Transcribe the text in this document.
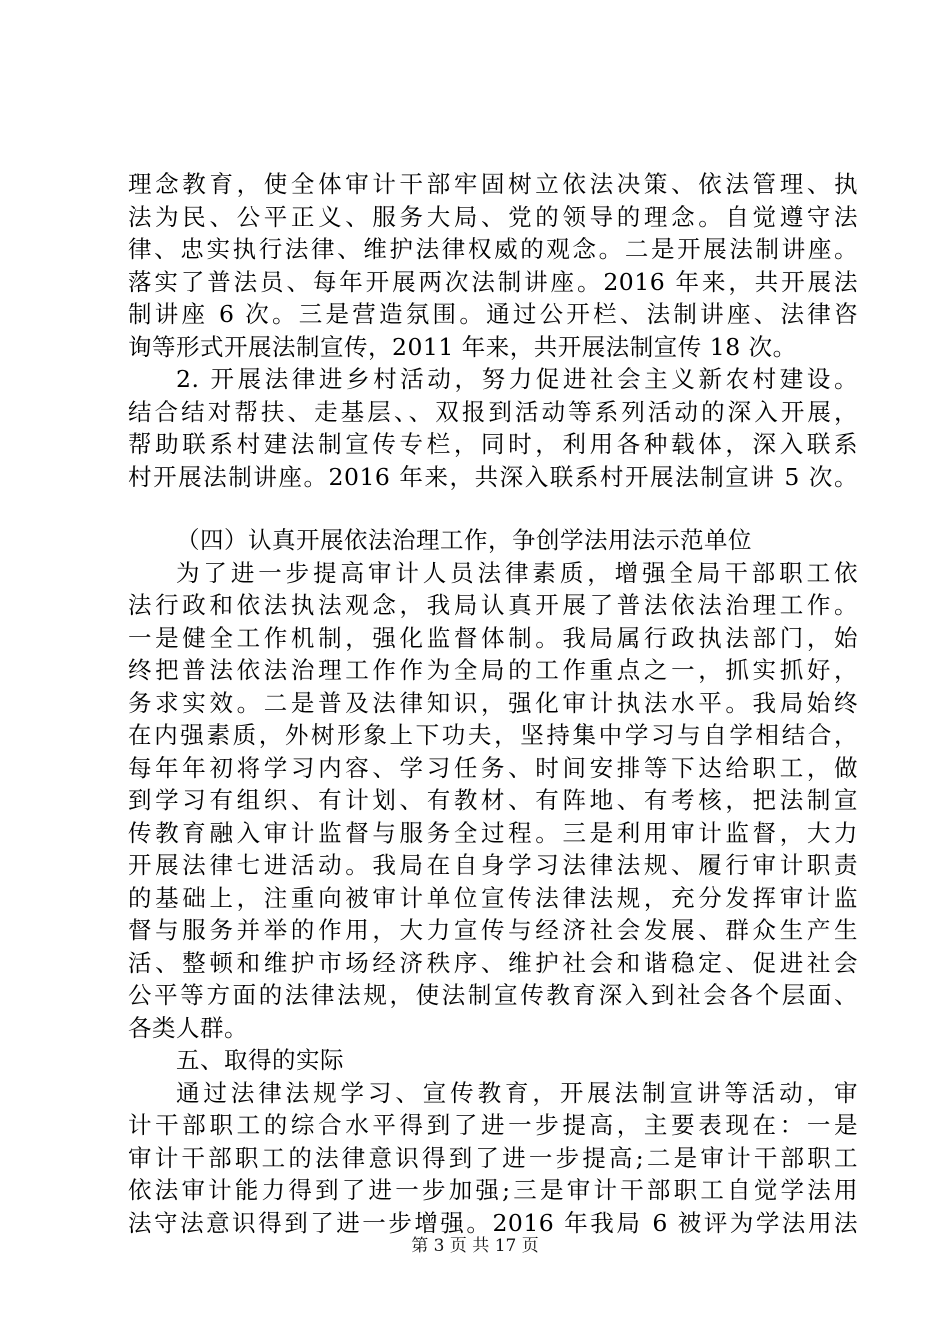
理念教育，使全体审计干部牢固树立依法决策、依法管理、执
法为民、公平正义、服务大局、党的领导的理念。自觉遵守法
律、忠实执行法律、维护法律权威的观念。二是开展法制讲座。
落实了普法员、每年开展两次法制讲座。2016 年来，共开展法
制讲座 6 次。三是营造氛围。通过公开栏、法制讲座、法律咨
询等形式开展法制宣传，2011 年来，共开展法制宣传 18 次。
2. 开展法律进乡村活动，努力促进社会主义新农村建设。
结合结对帮扶、走基层、、双报到活动等系列活动的深入开展，
帮助联系村建法制宣传专栏，同时，利用各种载体，深入联系
村开展法制讲座。2016 年来，共深入联系村开展法制宣讲 5 次。
（四）认真开展依法治理工作，争创学法用法示范单位
为了进一步提高审计人员法律素质，增强全局干部职工依
法行政和依法执法观念，我局认真开展了普法依法治理工作。
一是健全工作机制，强化监督体制。我局属行政执法部门，始
终把普法依法治理工作作为全局的工作重点之一，抓实抓好，
务求实效。二是普及法律知识，强化审计执法水平。我局始终
在内强素质，外树形象上下功夫，坚持集中学习与自学相结合，
每年年初将学习内容、学习任务、时间安排等下达给职工，做
到学习有组织、有计划、有教材、有阵地、有考核，把法制宣
传教育融入审计监督与服务全过程。三是利用审计监督，大力
开展法律七进活动。我局在自身学习法律法规、履行审计职责
的基础上，注重向被审计单位宣传法律法规，充分发挥审计监
督与服务并举的作用，大力宣传与经济社会发展、群众生产生
活、整顿和维护市场经济秩序、维护社会和谐稳定、促进社会
公平等方面的法律法规，使法制宣传教育深入到社会各个层面、
各类人群。
五、取得的实际
通过法律法规学习、宣传教育，开展法制宣讲等活动，审
计干部职工的综合水平得到了进一步提高，主要表现在：一是
审计干部职工的法律意识得到了进一步提高;二是审计干部职工
依法审计能力得到了进一步加强;三是审计干部职工自觉学法用
法守法意识得到了进一步增强。2016 年我局 6 被评为学法用法
第 3 页 共 17 页
